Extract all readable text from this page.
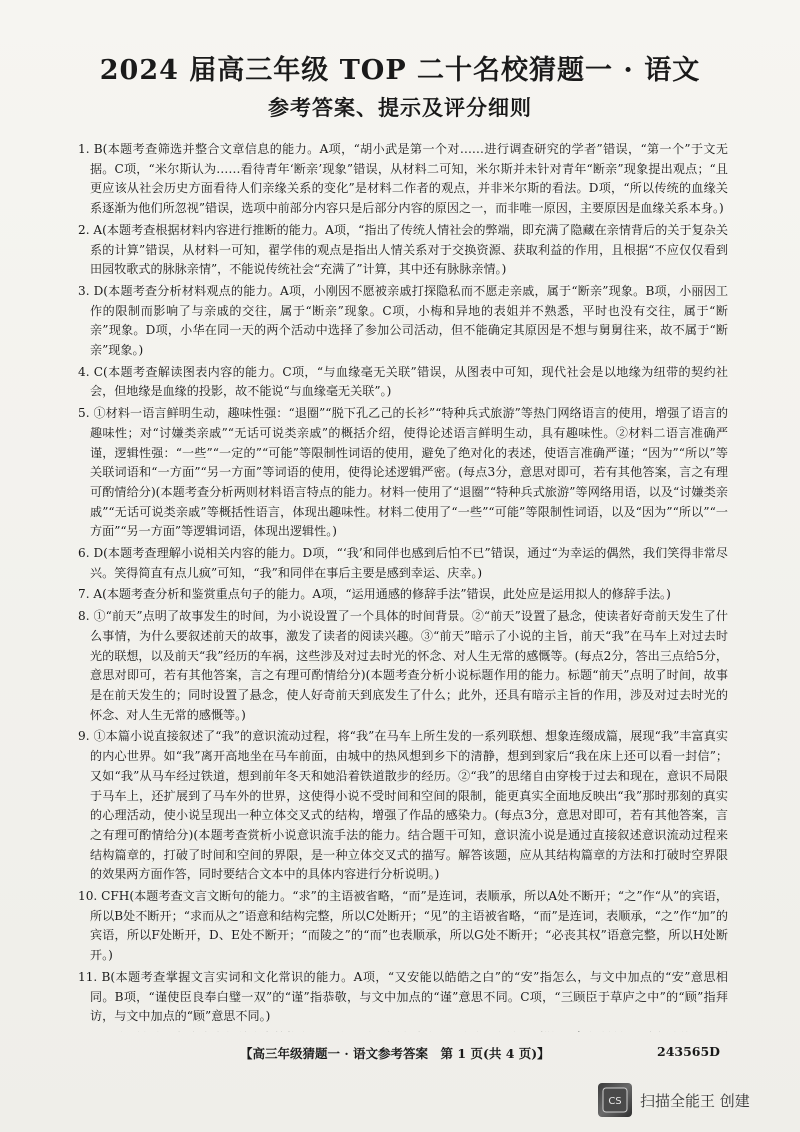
2024 届高三年级 TOP 二十名校猜题一 · 语文
参考答案、提示及评分细则

1. B(本题考查筛选并整合文章信息的能力。A项，“胡小武是第一个对……进行调查研究的学者”错误，“第一个”于文无据。C项，“米尔斯认为……看待青年‘断亲’现象”错误，从材料二可知，米尔斯并未针对青年“断亲”现象提出观点；“且更应该从社会历史方面看待人们亲缘关系的变化”是材料二作者的观点，并非米尔斯的看法。D项，“所以传统的血缘关系逐渐为他们所忽视”错误，选项中前部分内容只是后部分内容的原因之一，而非唯一原因，主要原因是血缘关系本身。)

2. A(本题考查根据材料内容进行推断的能力。A项，“指出了传统人情社会的弊端，即充满了隐藏在亲情背后的关于复杂关系的计算”错误，从材料一可知，翟学伟的观点是指出人情关系对于交换资源、获取利益的作用，且根据“不应仅仅看到田园牧歌式的脉脉亲情”，不能说传统社会“充满了”计算，其中还有脉脉亲情。)

3. D(本题考查分析材料观点的能力。A项，小刚因不愿被亲戚打探隐私而不愿走亲戚，属于“断亲”现象。B项，小丽因工作的限制而影响了与亲戚的交往，属于“断亲”现象。C项，小梅和异地的表姐并不熟悉，平时也没有交往，属于“断亲”现象。D项，小华在同一天的两个活动中选择了参加公司活动，但不能确定其原因是不想与舅舅往来，故不属于“断亲”现象。)

4. C(本题考查解读图表内容的能力。C项，“与血缘毫无关联”错误，从图表中可知，现代社会是以地缘为纽带的契约社会，但地缘是血缘的投影，故不能说“与血缘毫无关联”。)

5. ①材料一语言鲜明生动，趣味性强：“退圈”“脱下孔乙己的长衫”“特种兵式旅游”等热门网络语言的使用，增强了语言的趣味性；对“讨嫌类亲戚”“无话可说类亲戚”的概括介绍，使得论述语言鲜明生动，具有趣味性。②材料二语言准确严谨，逻辑性强：“一些”“一定的”“可能”等限制性词语的使用，避免了绝对化的表述，使语言准确严谨；“因为”“所以”等关联词语和“一方面”“另一方面”等词语的使用，使得论述逻辑严密。(每点3分，意思对即可，若有其他答案，言之有理可酌情给分)(本题考查分析两则材料语言特点的能力。材料一使用了“退圈”“特种兵式旅游”等网络用语，以及“讨嫌类亲戚”“无话可说类亲戚”等概括性语言，体现出趣味性。材料二使用了“一些”“可能”等限制性词语，以及“因为”“所以”“一方面”“另一方面”等逻辑词语，体现出逻辑性。)

6. D(本题考查理解小说相关内容的能力。D项，“‘我’和同伴也感到后怕不已”错误，通过“为幸运的偶然，我们笑得非常尽兴。笑得简直有点儿疯”可知，“我”和同伴在事后主要是感到幸运、庆幸。)

7. A(本题考查分析和鉴赏重点句子的能力。A项，“运用通感的修辞手法”错误，此处应是运用拟人的修辞手法。)

8. ①“前天”点明了故事发生的时间，为小说设置了一个具体的时间背景。②“前天”设置了悬念，使读者好奇前天发生了什么事情，为什么要叙述前天的故事，激发了读者的阅读兴趣。③“前天”暗示了小说的主旨，前天“我”在马车上对过去时光的联想，以及前天“我”经历的车祸，这些涉及对过去时光的怀念、对人生无常的感慨等。(每点2分，答出三点给5分，意思对即可，若有其他答案，言之有理可酌情给分)(本题考查分析小说标题作用的能力。标题“前天”点明了时间，故事是在前天发生的；同时设置了悬念，使人好奇前天到底发生了什么；此外，还具有暗示主旨的作用，涉及对过去时光的怀念、对人生无常的感慨等。)

9. ①本篇小说直接叙述了“我”的意识流动过程，将“我”在马车上所生发的一系列联想、想象连缀成篇，展现“我”丰富真实的内心世界。如“我”离开高地坐在马车前面，由城中的热风想到乡下的清静，想到到家后“我在床上还可以看一封信”；又如“我”从马车经过铁道，想到前年冬天和她沿着铁道散步的经历。②“我”的思绪自由穿梭于过去和现在，意识不局限于马车上，还扩展到了马车外的世界，这使得小说不受时间和空间的限制，能更真实全面地反映出“我”那时那刻的真实的心理活动，使小说呈现出一种立体交叉式的结构，增强了作品的感染力。(每点3分，意思对即可，若有其他答案，言之有理可酌情给分)(本题考查赏析小说意识流手法的能力。结合题干可知，意识流小说是通过直接叙述意识流动过程来结构篇章的，打破了时间和空间的界限，是一种立体交叉式的描写。解答该题，应从其结构篇章的方法和打破时空界限的效果两方面作答，同时要结合文本中的具体内容进行分析说明。)

10. CFH(本题考查文言文断句的能力。“求”的主语被省略，“而”是连词，表顺承，所以A处不断开；“之”作“从”的宾语，所以B处不断开；“求而从之”语意和结构完整，所以C处断开；“见”的主语被省略，“而”是连词，表顺承，“之”作“加”的宾语，所以F处断开，D、E处不断开；“而陵之”的“而”也表顺承，所以G处不断开；“必丧其权”语意完整，所以H处断开。)

11. B(本题考查掌握文言实词和文化常识的能力。A项，“又安能以皓皓之白”的“安”指怎么，与文中加点的“安”意思相同。B项，“谨使臣良奉白璧一双”的“谨”指恭敬，与文中加点的“谨”意思不同。C项，“三顾臣于草庐之中”的“顾”指拜访，与文中加点的“顾”意思不同。)

【高三年级猜题一 · 语文参考答案　第 1 页(共 4 页)】	243565D
CS 扫描全能王 创建
